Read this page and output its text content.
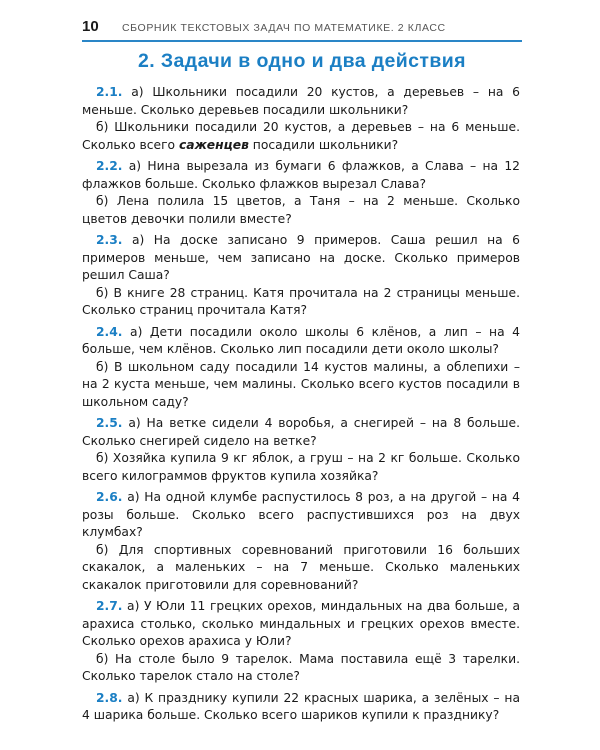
10	СБОРНИК ТЕКСТОВЫХ ЗАДАЧ ПО МАТЕМАТИКЕ. 2 КЛАСС
2. Задачи в одно и два действия

2.1. а) Школьники посадили 20 кустов, а деревьев – на 6 меньше. Сколько деревьев посадили школьники?

б) Школьники посадили 20 кустов, а деревьев – на 6 меньше. Сколько всего саженцев посадили школьники?

2.2. а) Нина вырезала из бумаги 6 флажков, а Слава – на 12 флажков больше. Сколько флажков вырезал Слава?

б) Лена полила 15 цветов, а Таня – на 2 меньше. Сколько цветов девочки полили вместе?

2.3. а) На доске записано 9 примеров. Саша решил на 6 примеров меньше, чем записано на доске. Сколько примеров решил Саша?

б) В книге 28 страниц. Катя прочитала на 2 страницы меньше. Сколько страниц прочитала Катя?

2.4. а) Дети посадили около школы 6 клёнов, а лип – на 4 больше, чем клёнов. Сколько лип посадили дети около школы?

б) В школьном саду посадили 14 кустов малины, а облепихи – на 2 куста меньше, чем малины. Сколько всего кустов посадили в школьном саду?

2.5. а) На ветке сидели 4 воробья, а снегирей – на 8 больше. Сколько снегирей сидело на ветке?

б) Хозяйка купила 9 кг яблок, а груш – на 2 кг больше. Сколько всего килограммов фруктов купила хозяйка?

2.6. а) На одной клумбе распустилось 8 роз, а на другой – на 4 розы больше. Сколько всего распустившихся роз на двух клумбах?

б) Для спортивных соревнований приготовили 16 больших скакалок, а маленьких – на 7 меньше. Сколько маленьких скакалок приготовили для соревнований?

2.7. а) У Юли 11 грецких орехов, миндальных на два больше, а арахиса столько, сколько миндальных и грецких орехов вместе. Сколько орехов арахиса у Юли?

б) На столе было 9 тарелок. Мама поставила ещё 3 тарелки. Сколько тарелок стало на столе?

2.8. а) К празднику купили 22 красных шарика, а зелёных – на 4 шарика больше. Сколько всего шариков купили к празднику?
